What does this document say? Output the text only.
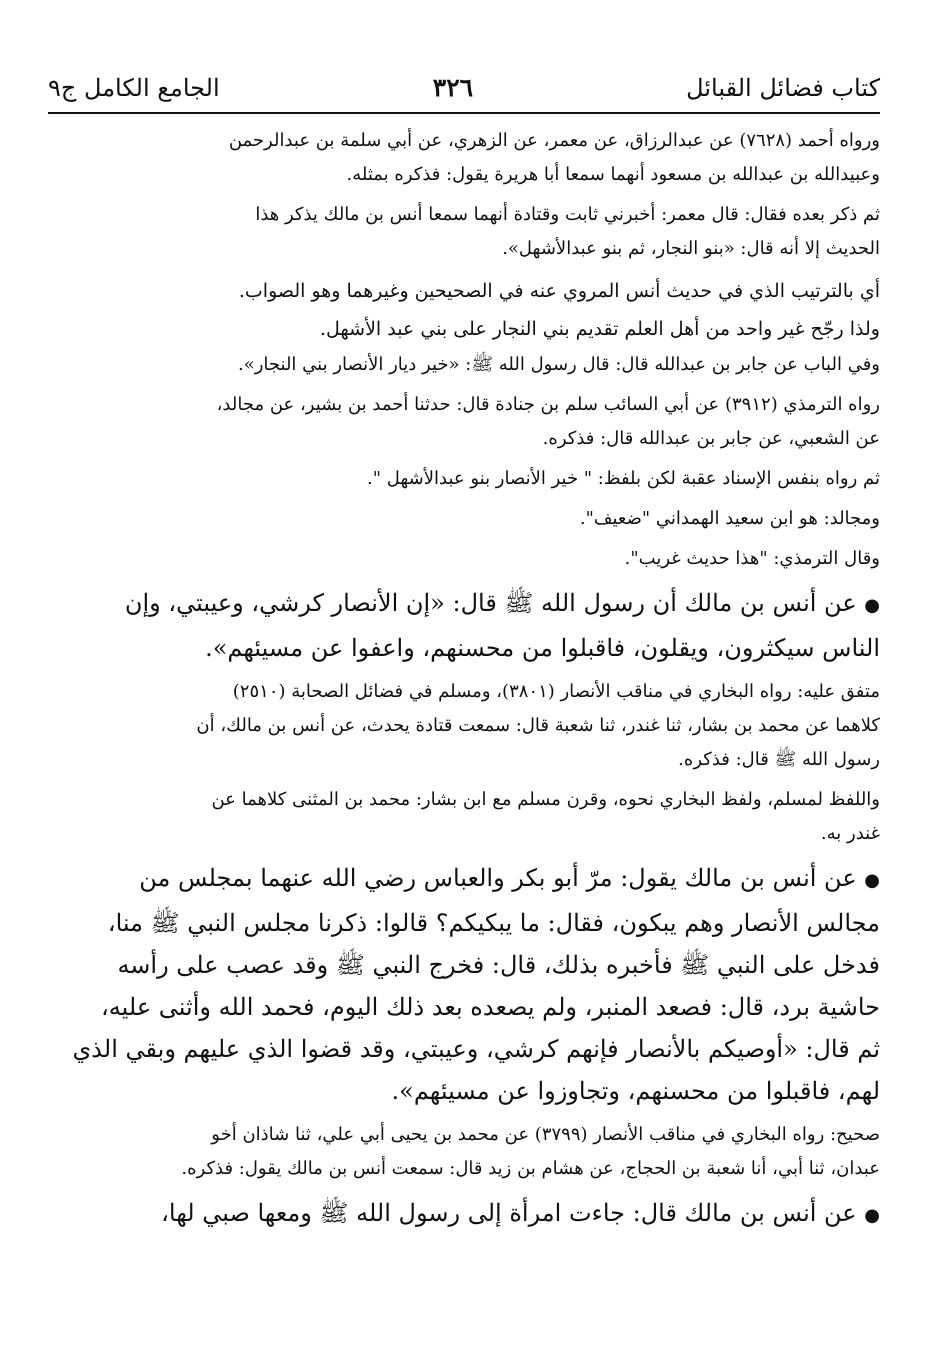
كتاب فضائل القبائل
٣٢٦
الجامع الكامل ج٩
ورواه أحمد (٧٦٢٨) عن عبدالرزاق، عن معمر، عن الزهري، عن أبي سلمة بن عبدالرحمن
وعبيدالله بن عبدالله بن مسعود أنهما سمعا أبا هريرة يقول: فذكره بمثله.
ثم ذكر بعده فقال: قال معمر: أخبرني ثابت وقتادة أنهما سمعا أنس بن مالك يذكر هذا
الحديث إلا أنه قال: «بنو النجار، ثم بنو عبدالأشهل».
أي بالترتيب الذي في حديث أنس المروي عنه في الصحيحين وغيرهما وهو الصواب.
ولذا رجّح غير واحد من أهل العلم تقديم بني النجار على بني عبد الأشهل.
وفي الباب عن جابر بن عبدالله قال: قال رسول الله ﷺ: «خير ديار الأنصار بني النجار».
رواه الترمذي (٣٩١٢) عن أبي السائب سلم بن جنادة قال: حدثنا أحمد بن بشير، عن مجالد،
عن الشعبي، عن جابر بن عبدالله قال: فذكره.
ثم رواه بنفس الإسناد عقبة لكن بلفظ: " خير الأنصار بنو عبدالأشهل ".
ومجالد: هو ابن سعيد الهمداني "ضعيف".
وقال الترمذي: "هذا حديث غريب".
● عن أنس بن مالك أن رسول الله ﷺ قال: «إن الأنصار كرشي، وعيبتي، وإن
الناس سيكثرون، ويقلون، فاقبلوا من محسنهم، واعفوا عن مسيئهم».
متفق عليه: رواه البخاري في مناقب الأنصار (٣٨٠١)، ومسلم في فضائل الصحابة (٢٥١٠)
كلاهما عن محمد بن بشار، ثنا غندر، ثنا شعبة قال: سمعت قتادة يحدث، عن أنس بن مالك، أن
رسول الله ﷺ قال: فذكره.
واللفظ لمسلم، ولفظ البخاري نحوه، وقرن مسلم مع ابن بشار: محمد بن المثنى كلاهما عن
غندر به.
● عن أنس بن مالك يقول: مرّ أبو بكر والعباس رضي الله عنهما بمجلس من
مجالس الأنصار وهم يبكون، فقال: ما يبكيكم؟ قالوا: ذكرنا مجلس النبي ﷺ منا،
فدخل على النبي ﷺ فأخبره بذلك، قال: فخرج النبي ﷺ وقد عصب على رأسه
حاشية برد، قال: فصعد المنبر، ولم يصعده بعد ذلك اليوم، فحمد الله وأثنى عليه،
ثم قال: «أوصيكم بالأنصار فإنهم كرشي، وعيبتي، وقد قضوا الذي عليهم وبقي الذي
لهم، فاقبلوا من محسنهم، وتجاوزوا عن مسيئهم».
صحيح: رواه البخاري في مناقب الأنصار (٣٧٩٩) عن محمد بن يحيى أبي علي، ثنا شاذان أخو
عبدان، ثنا أبي، أنا شعبة بن الحجاج، عن هشام بن زيد قال: سمعت أنس بن مالك يقول: فذكره.
● عن أنس بن مالك قال: جاءت امرأة إلى رسول الله ﷺ ومعها صبي لها،
